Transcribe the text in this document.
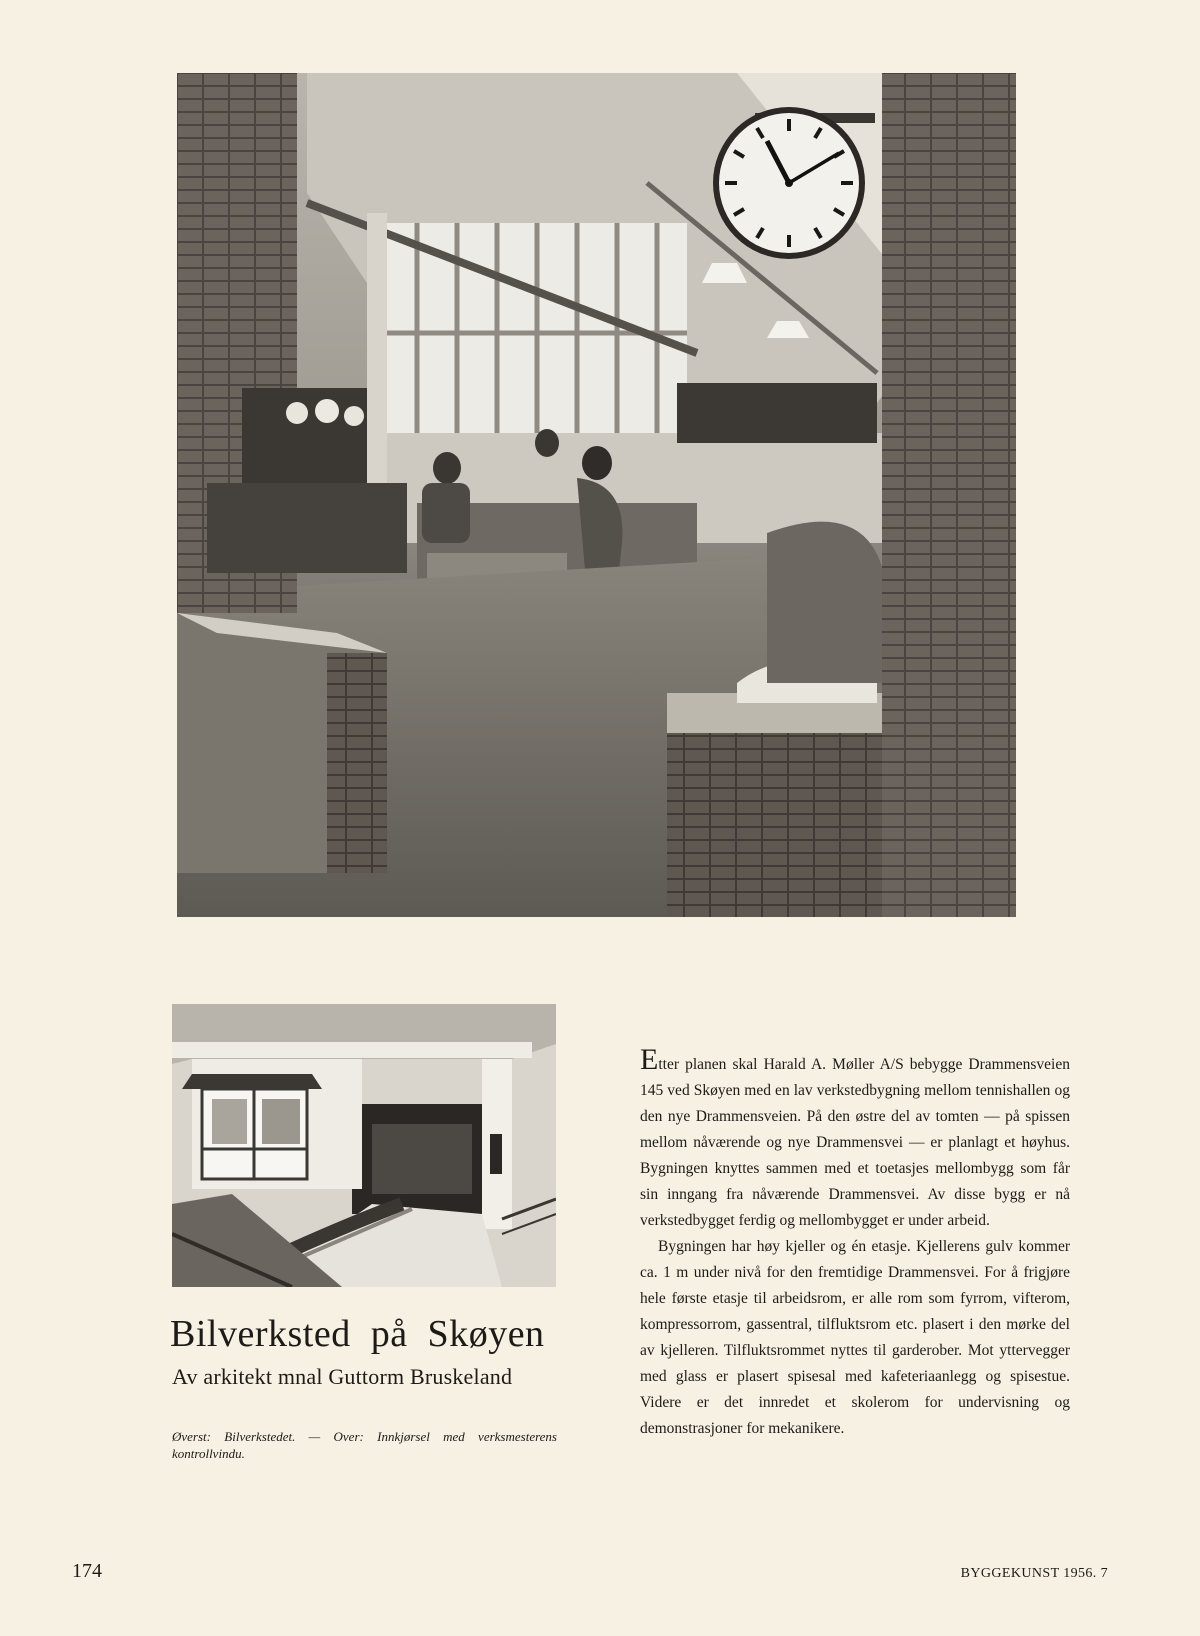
Bilverksted på Skøyen
Av arkitekt mnal Guttorm Bruskeland
Øverst: Bilverkstedet. — Over: Innkjørsel med verksmesterens kontrollvindu.

Etter planen skal Harald A. Møller A/S bebygge Drammensveien 145 ved Skøyen med en lav verkstedbygning mellom tennishallen og den nye Drammensveien. På den østre del av tomten — på spissen mellom nåværende og nye Drammensvei — er planlagt et høyhus. Bygningen knyttes sammen med et toetasjes mellombygg som får sin inngang fra nåværende Drammensvei. Av disse bygg er nå verkstedbygget ferdig og mellombygget er under arbeid.

Bygningen har høy kjeller og én etasje. Kjellerens gulv kommer ca. 1 m under nivå for den fremtidige Drammensvei. For å frigjøre hele første etasje til arbeidsrom, er alle rom som fyrrom, vifterom, kompressorrom, gassentral, tilfluktsrom etc. plasert i den mørke del av kjelleren. Tilfluktsrommet nyttes til garderober. Mot yttervegger med glass er plasert spisesal med kafeteriaanlegg og spisestue. Videre er det innredet et skolerom for undervisning og demonstrasjoner for mekanikere.

174	BYGGEKUNST 1956. 7
